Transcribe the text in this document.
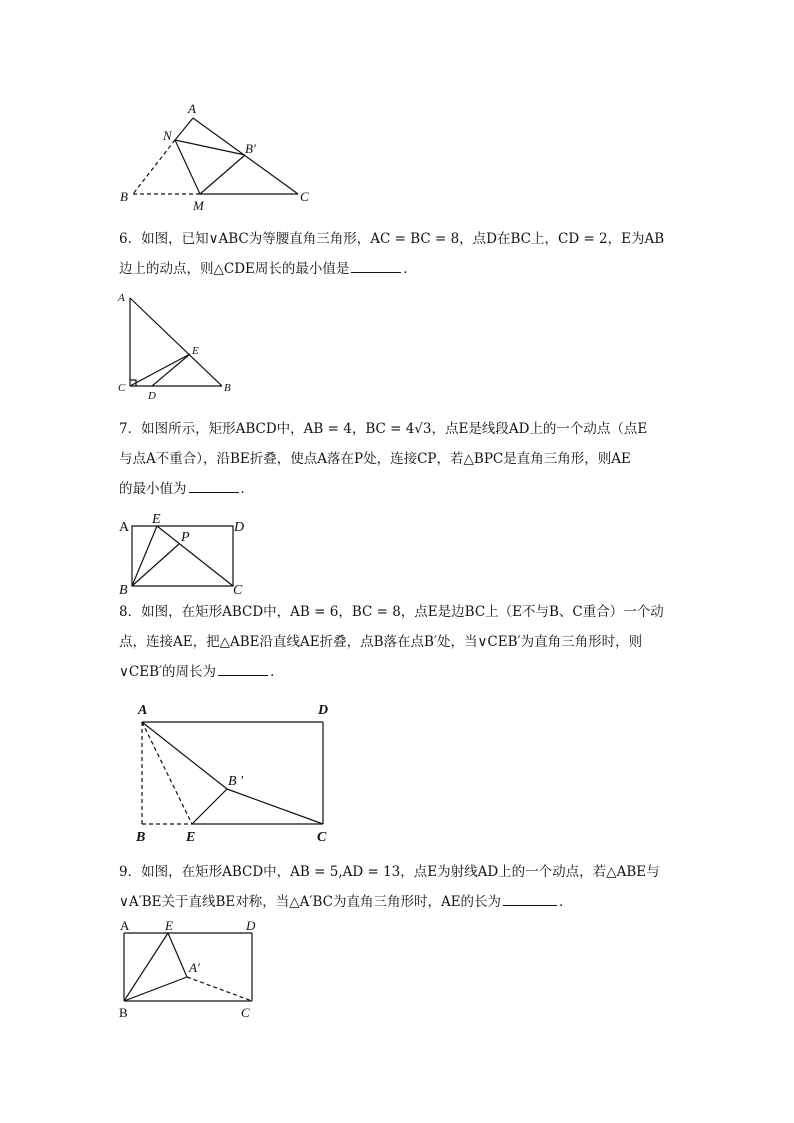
A
N
B′
B
M
C

6．如图，已知∨ABC为等腰直角三角形，AC = BC = 8，点D在BC上，CD = 2，E为AB

边上的动点，则△CDE周长的最小值是	．

A
E
C
D
B

7．如图所示，矩形ABCD中，AB = 4，BC = 4√3，点E是线段AD上的一个动点（点E

与点A不重合），沿BE折叠，使点A落在P处，连接CP，若△BPC是直角三角形，则AE

的最小值为	．

A
E
D
P
B	C

8．如图，在矩形ABCD中，AB = 6，BC = 8，点E是边BC上（E不与B、C重合）一个动

点，连接AE，把△ABE沿直线AE折叠，点B落在点B′处，当∨CEB′为直角三角形时，则

∨CEB′的周长为	．

A	D
B ′
B	E	C

9．如图，在矩形ABCD中，AB = 5,AD = 13，点E为射线AD上的一个动点，若△ABE与

∨A′BE关于直线BE对称，当△A′BC为直角三角形时，AE的长为	．

A	E	D
A′
B	C
